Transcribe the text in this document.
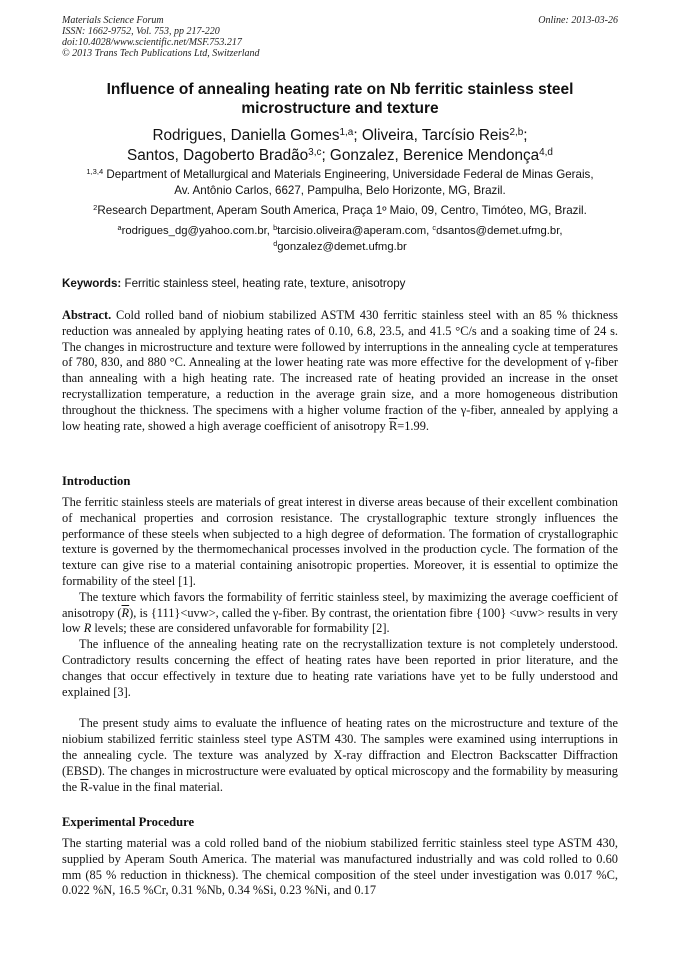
Materials Science Forum
ISSN: 1662-9752, Vol. 753, pp 217-220
doi:10.4028/www.scientific.net/MSF.753.217
© 2013 Trans Tech Publications Ltd, Switzerland
Online: 2013-03-26
Influence of annealing heating rate on Nb ferritic stainless steel
microstructure and texture
Rodrigues, Daniella Gomes$^{1,a}$; Oliveira, Tarcísio Reis$^{2,b}$;
Santos, Dagoberto Bradão$^{3,c}$; Gonzalez, Berenice Mendonça$^{4,d}$
$^{1,3,4}$ Department of Metallurgical and Materials Engineering, Universidade Federal de Minas Gerais,
Av. Antônio Carlos, 6627, Pampulha, Belo Horizonte, MG, Brazil.
$^2$Research Department, Aperam South America, Praça 1º Maio, 09, Centro, Timóteo, MG, Brazil.
$^a$rodrigues_dg@yahoo.com.br, $^b$tarcisio.oliveira@aperam.com, $^c$dsantos@demet.ufmg.br,
$^d$gonzalez@demet.ufmg.br
Keywords: Ferritic stainless steel, heating rate, texture, anisotropy
Abstract. Cold rolled band of niobium stabilized ASTM 430 ferritic stainless steel with an 85 % thickness reduction was annealed by applying heating rates of 0.10, 6.8, 23.5, and 41.5 °C/s and a soaking time of 24 s. The changes in microstructure and texture were followed by interruptions in the annealing cycle at temperatures of 780, 830, and 880 °C. Annealing at the lower heating rate was more effective for the development of γ-fiber than annealing with a high heating rate. The increased rate of heating provided an increase in the onset recrystallization temperature, a reduction in the average grain size, and a more homogeneous distribution throughout the thickness. The specimens with a higher volume fraction of the γ-fiber, annealed by applying a low heating rate, showed a high average coefficient of anisotropy $\overline{R}=1.99$.
Introduction

The ferritic stainless steels are materials of great interest in diverse areas because of their excellent combination of mechanical properties and corrosion resistance. The crystallographic texture strongly influences the performance of these steels when subjected to a high degree of deformation. The formation of crystallographic texture is governed by the thermomechanical processes involved in the production cycle. The formation of the texture can give rise to a material containing anisotropic properties. Moreover, it is essential to optimize the formability of the steel [1].

The texture which favors the formability of ferritic stainless steel, by maximizing the average coefficient of anisotropy $(\overline{R})$, is {111}<uvw>, called the γ-fiber. By contrast, the orientation fibre {100} <uvw> results in very low R levels; these are considered unfavorable for formability [2].

The influence of the annealing heating rate on the recrystallization texture is not completely understood. Contradictory results concerning the effect of heating rates have been reported in prior literature, and the changes that occur effectively in texture due to heating rate variations have yet to be fully understood and explained [3].

The present study aims to evaluate the influence of heating rates on the microstructure and texture of the niobium stabilized ferritic stainless steel type ASTM 430. The samples were examined using interruptions in the annealing cycle. The texture was analyzed by X-ray diffraction and Electron Backscatter Diffraction (EBSD). The changes in microstructure were evaluated by optical microscopy and the formability by measuring the $\overline{R}$-value in the final material.

Experimental Procedure
The starting material was a cold rolled band of the niobium stabilized ferritic stainless steel type ASTM 430, supplied by Aperam South America. The material was manufactured industrially and was cold rolled to 0.60 mm (85 % reduction in thickness). The chemical composition of the steel under investigation was 0.017 %C, 0.022 %N, 16.5 %Cr, 0.31 %Nb, 0.34 %Si, 0.23 %Ni, and 0.17
